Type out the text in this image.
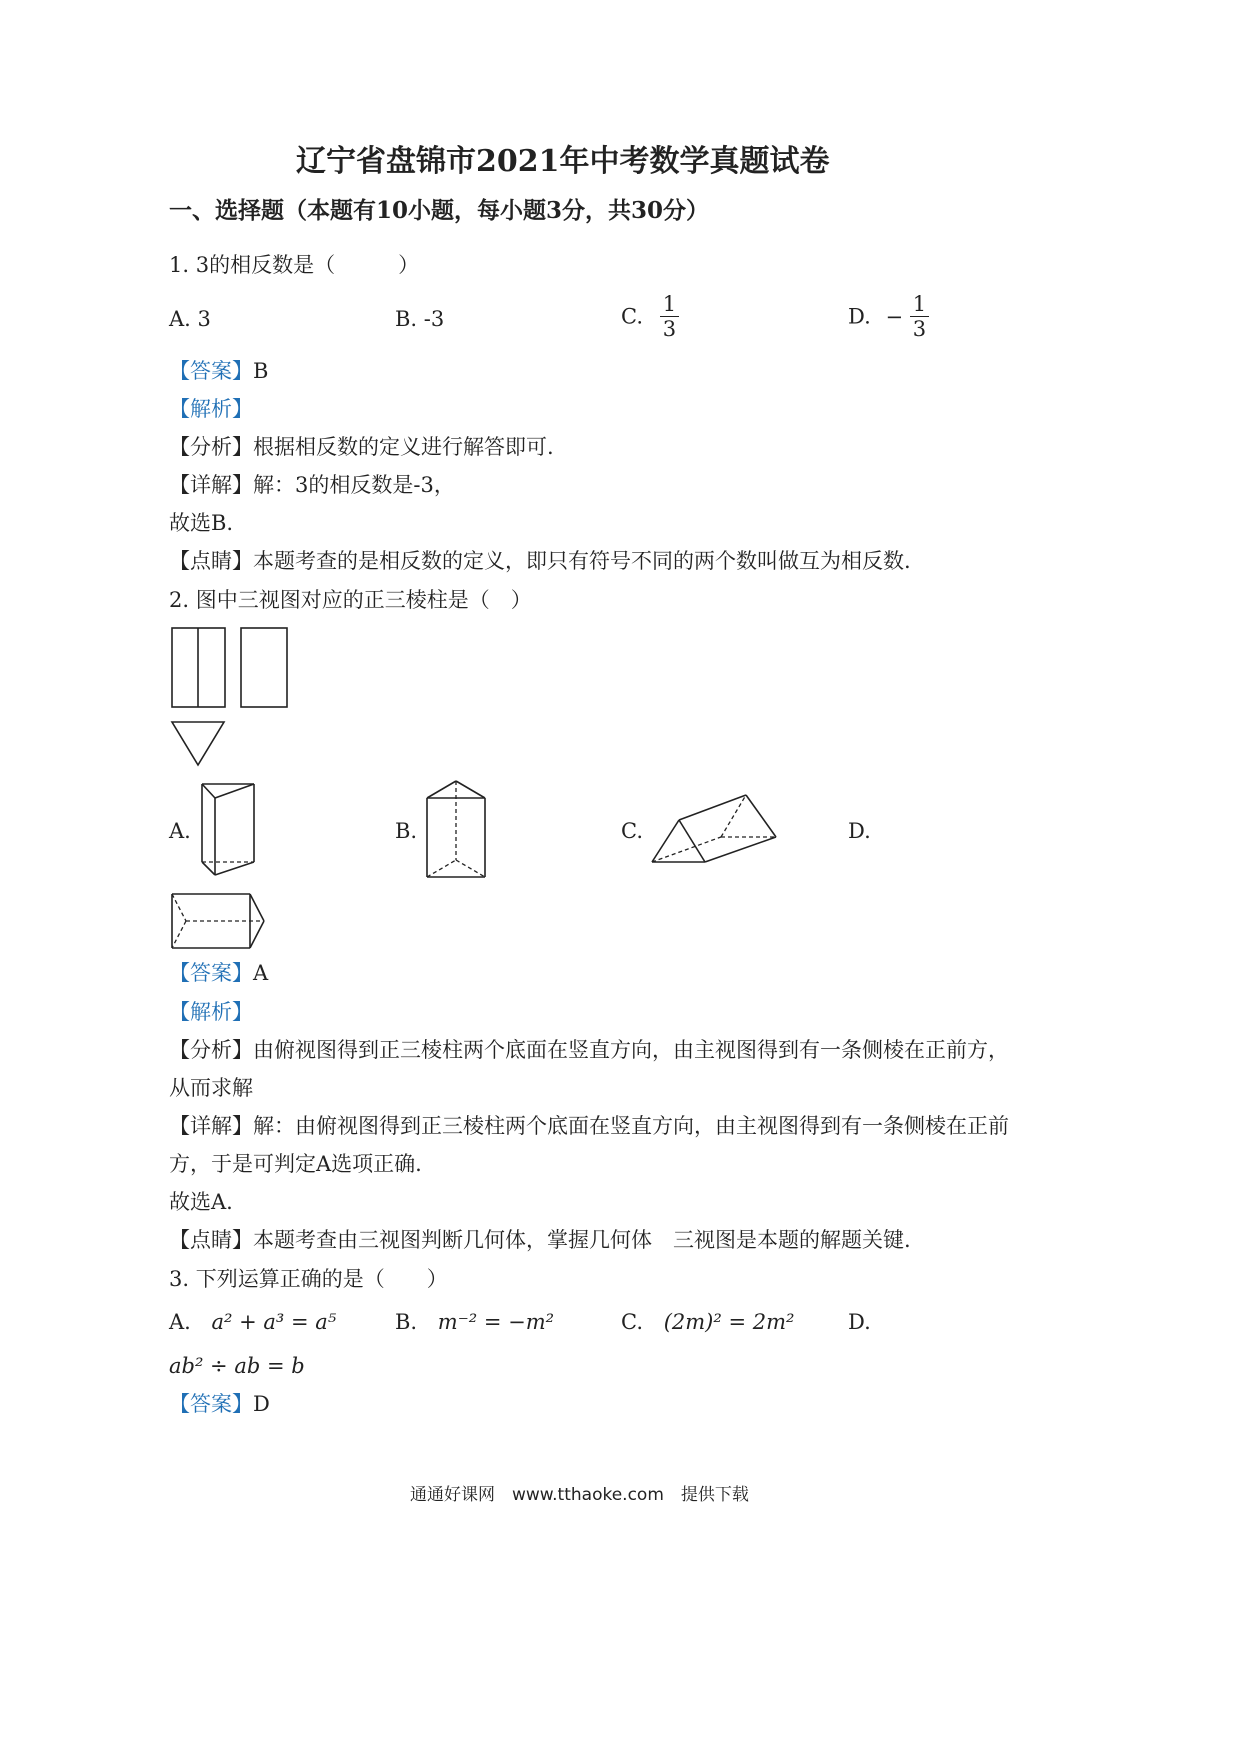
辽宁省盘锦市2021年中考数学真题试卷
一、选择题（本题有10小题，每小题3分，共30分）
1. 3的相反数是（　　　）
A. 3	B. -3	C. $\frac{1}{3}$	D. − $\frac{1}{3}$
【答案】B
【解析】
【分析】根据相反数的定义进行解答即可.
【详解】解：3的相反数是-3，
故选B.
【点睛】本题考查的是相反数的定义，即只有符号不同的两个数叫做互为相反数.
2. 图中三视图对应的正三棱柱是（　）
A.	B.	C.	D.
【答案】A
【解析】
【分析】由俯视图得到正三棱柱两个底面在竖直方向，由主视图得到有一条侧棱在正前方，
从而求解
【详解】解：由俯视图得到正三棱柱两个底面在竖直方向，由主视图得到有一条侧棱在正前
方，于是可判定A选项正确.
故选A.
【点睛】本题考查由三视图判断几何体，掌握几何体　三视图是本题的解题关键.
3. 下列运算正确的是（　　）
A. a² + a³ = a⁵	B. m⁻² = −m²	C. (2m)² = 2m²	D.
ab² ÷ ab = b
【答案】D
通通好课网　www.tthaoke.com　提供下载
